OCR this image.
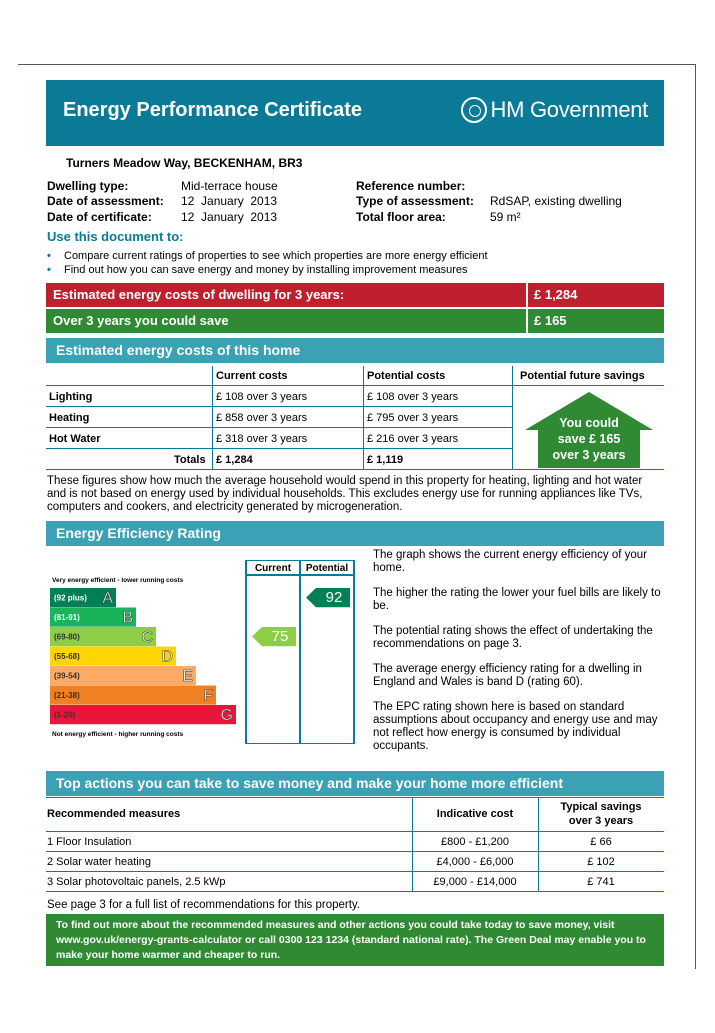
Energy Performance Certificate	HM Government
Turners Meadow Way, BECKENHAM, BR3
Dwelling type:	Mid-terrace house
Date of assessment: 12  January  2013
Date of certificate: 12  January  2013
Reference number:
Type of assessment: RdSAP, existing dwelling
Total floor area:	59 m²
Use this document to:
• Compare current ratings of properties to see which properties are more energy efficient
• Find out how you can save energy and money by installing improvement measures
Estimated energy costs of dwelling for 3 years:	£ 1,284
Over 3 years you could save	£ 165
Estimated energy costs of this home
Current costs	Potential costs	Potential future savings
Lighting	£ 108 over 3 years	£ 108 over 3 years
Heating	£ 858 over 3 years	£ 795 over 3 years
Hot Water	£ 318 over 3 years	£ 216 over 3 years
Totals £ 1,284	£ 1,119
You could
save £ 165
over 3 years
These figures show how much the average household would spend in this property for heating, lighting and hot water and is not based on energy used by individual households. This excludes energy use for running appliances like TVs, computers and cookers, and electricity generated by microgeneration.
Energy Efficiency Rating
Current Potential
Very energy efficient - lower running costs
Not energy efficient - higher running costs
(92 plus) A
(81-91)	B
(69-80)	C
(55-68)	D
(39-54)	E
(21-38)	F
(1-20)	G
75
92

The graph shows the current energy efficiency of your home.

The higher the rating the lower your fuel bills are likely to be.

The potential rating shows the effect of undertaking the recommendations on page 3.

The average energy efficiency rating for a dwelling in England and Wales is band D (rating 60).

The EPC rating shown here is based on standard assumptions about occupancy and energy use and may not reflect how energy is consumed by individual occupants.

Top actions you can take to save money and make your home more efficient
Recommended measures	Indicative cost
Typical savings
over 3 years
1 Floor Insulation	£800 - £1,200	£ 66
2 Solar water heating	£4,000 - £6,000	£ 102
3 Solar photovoltaic panels, 2.5 kWp	£9,000 - £14,000	£ 741
See page 3 for a full list of recommendations for this property.
To find out more about the recommended measures and other actions you could take today to save money, visit
www.gov.uk/energy-grants-calculator or call 0300 123 1234 (standard national rate). The Green Deal may enable you to
make your home warmer and cheaper to run.
